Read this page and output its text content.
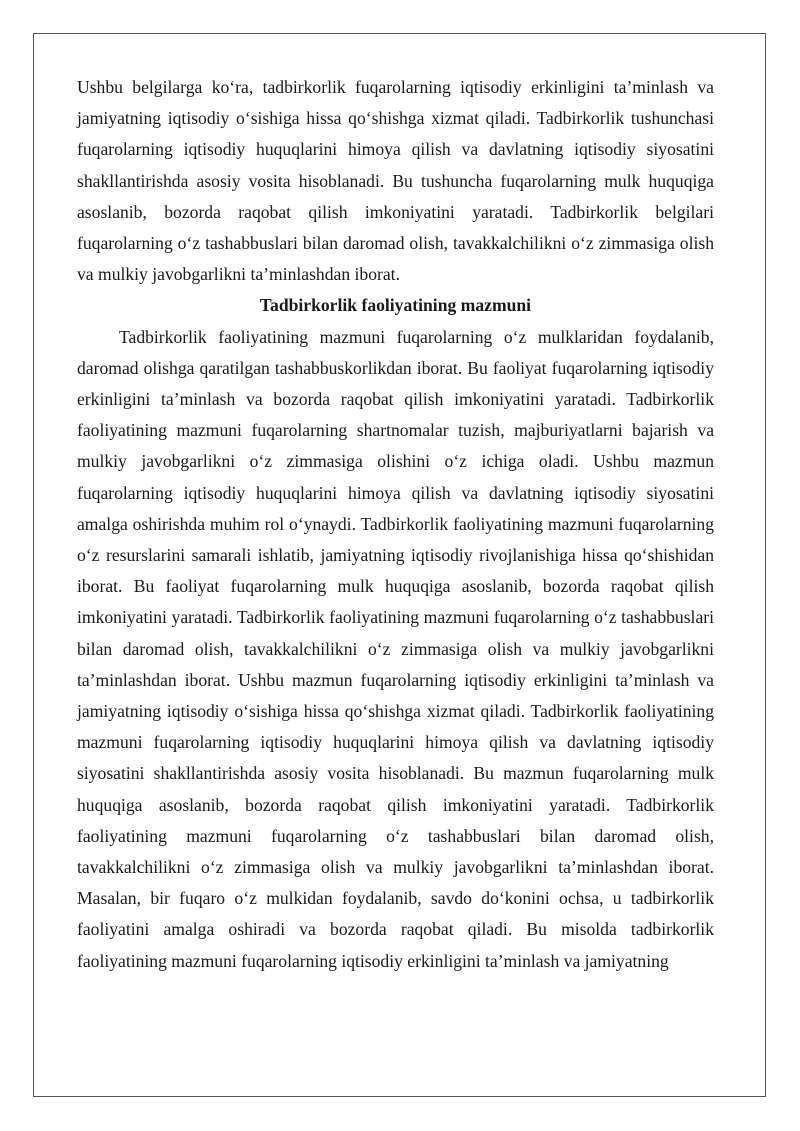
Ushbu belgilarga ko‘ra, tadbirkorlik fuqarolarning iqtisodiy erkinligini ta’minlash va jamiyatning iqtisodiy o‘sishiga hissa qo‘shishga xizmat qiladi. Tadbirkorlik tushunchasi fuqarolarning iqtisodiy huquqlarini himoya qilish va davlatning iqtisodiy siyosatini shakllantirishda asosiy vosita hisoblanadi. Bu tushuncha fuqarolarning mulk huquqiga asoslanib, bozorda raqobat qilish imkoniyatini yaratadi. Tadbirkorlik belgilari fuqarolarning o‘z tashabbuslari bilan daromad olish, tavakkalchilikni o‘z zimmasiga olish va mulkiy javobgarlikni ta’minlashdan iborat.

Tadbirkorlik faoliyatining mazmuni

Tadbirkorlik faoliyatining mazmuni fuqarolarning o‘z mulklaridan foydalanib, daromad olishga qaratilgan tashabbuskorlikdan iborat. Bu faoliyat fuqarolarning iqtisodiy erkinligini ta’minlash va bozorda raqobat qilish imkoniyatini yaratadi. Tadbirkorlik faoliyatining mazmuni fuqarolarning shartnomalar tuzish, majburiyatlarni bajarish va mulkiy javobgarlikni o‘z zimmasiga olishini o‘z ichiga oladi. Ushbu mazmun fuqarolarning iqtisodiy huquqlarini himoya qilish va davlatning iqtisodiy siyosatini amalga oshirishda muhim rol o‘ynaydi. Tadbirkorlik faoliyatining mazmuni fuqarolarning o‘z resurslarini samarali ishlatib, jamiyatning iqtisodiy rivojlanishiga hissa qo‘shishidan iborat. Bu faoliyat fuqarolarning mulk huquqiga asoslanib, bozorda raqobat qilish imkoniyatini yaratadi. Tadbirkorlik faoliyatining mazmuni fuqarolarning o‘z tashabbuslari bilan daromad olish, tavakkalchilikni o‘z zimmasiga olish va mulkiy javobgarlikni ta’minlashdan iborat. Ushbu mazmun fuqarolarning iqtisodiy erkinligini ta’minlash va jamiyatning iqtisodiy o‘sishiga hissa qo‘shishga xizmat qiladi. Tadbirkorlik faoliyatining mazmuni fuqarolarning iqtisodiy huquqlarini himoya qilish va davlatning iqtisodiy siyosatini shakllantirishda asosiy vosita hisoblanadi. Bu mazmun fuqarolarning mulk huquqiga asoslanib, bozorda raqobat qilish imkoniyatini yaratadi. Tadbirkorlik faoliyatining mazmuni fuqarolarning o‘z tashabbuslari bilan daromad olish, tavakkalchilikni o‘z zimmasiga olish va mulkiy javobgarlikni ta’minlashdan iborat. Masalan, bir fuqaro o‘z mulkidan foydalanib, savdo do‘konini ochsa, u tadbirkorlik faoliyatini amalga oshiradi va bozorda raqobat qiladi. Bu misolda tadbirkorlik faoliyatining mazmuni fuqarolarning iqtisodiy erkinligini ta’minlash va jamiyatning
